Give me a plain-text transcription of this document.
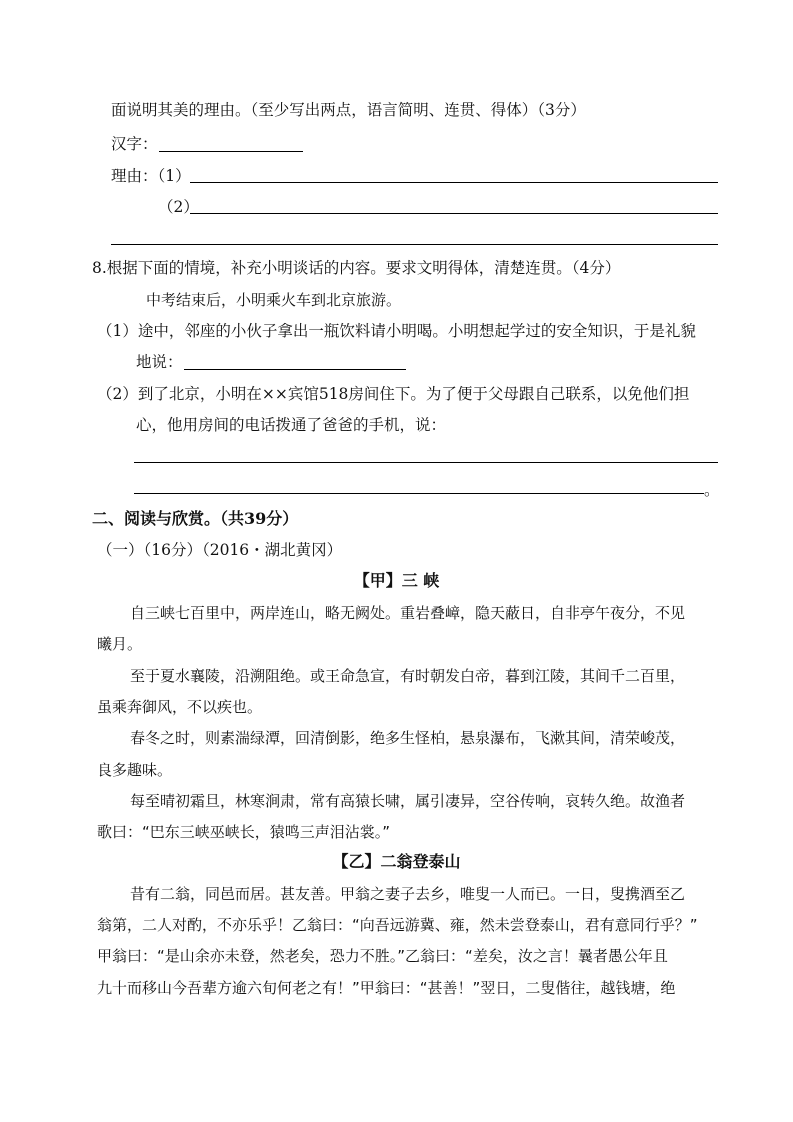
面说明其美的理由。（至少写出两点，语言简明、连贯、得体）（3分）
汉字：
理由：（1）
（2）
8.根据下面的情境，补充小明谈话的内容。要求文明得体，清楚连贯。（4分）
中考结束后，小明乘火车到北京旅游。
（1）途中，邻座的小伙子拿出一瓶饮料请小明喝。小明想起学过的安全知识，于是礼貌
地说：
（2）到了北京，小明在××宾馆518房间住下。为了便于父母跟自己联系，以免他们担
心，他用房间的电话拨通了爸爸的手机，说：
。
二、阅读与欣赏。（共39分）
（一）（16分）（2016・湖北黄冈）
【甲】三 峡
自三峡七百里中，两岸连山，略无阙处。重岩叠嶂，隐天蔽日，自非亭午夜分，不见
曦月。
至于夏水襄陵，沿溯阻绝。或王命急宣，有时朝发白帝，暮到江陵，其间千二百里，
虽乘奔御风，不以疾也。
春冬之时，则素湍绿潭，回清倒影，绝多生怪柏，悬泉瀑布，飞漱其间，清荣峻茂，
良多趣味。
每至晴初霜旦，林寒涧肃，常有高猿长啸，属引凄异，空谷传响，哀转久绝。故渔者
歌曰：“巴东三峡巫峡长，猿鸣三声泪沾裳。”
【乙】二翁登泰山
昔有二翁，同邑而居。甚友善。甲翁之妻子去乡，唯叟一人而已。一日，叟携酒至乙
翁第，二人对酌，不亦乐乎！乙翁曰：“向吾远游冀、雍，然未尝登泰山，君有意同行乎？”
甲翁曰：“是山余亦未登，然老矣，恐力不胜。”乙翁曰：“差矣，汝之言！曩者愚公年且
九十而移山今吾辈方逾六旬何老之有！”甲翁曰：“甚善！”翌日，二叟偕往，越钱塘，绝
